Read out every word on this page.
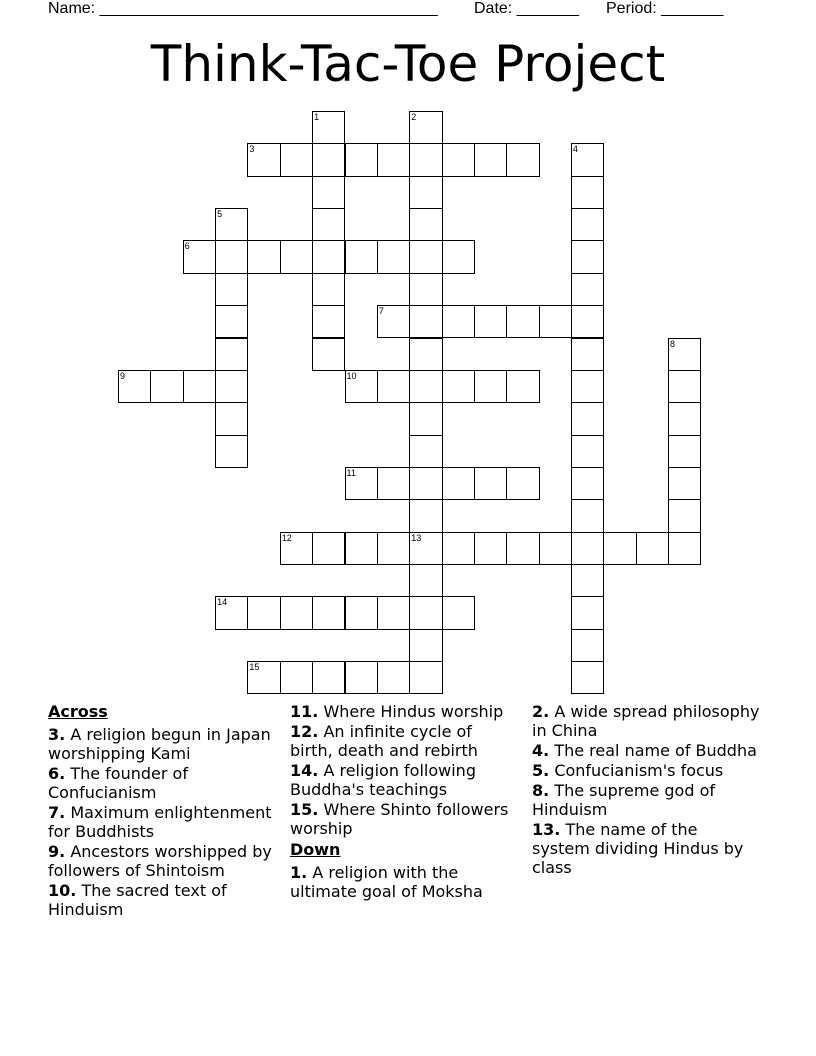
Name: ______________________________________ Date: _______ Period: _______
Think-Tac-Toe Project
1	2
13
3	4
5
6
7
8
9	10
11
12
14
15
Across
3. A religion begun in Japan worshipping Kami
6. The founder of Confucianism
7. Maximum enlightenment for Buddhists
9. Ancestors worshipped by followers of Shintoism
10. The sacred text of Hinduism
11. Where Hindus worship
12. An infinite cycle of birth, death and rebirth
14. A religion following Buddha's teachings
15. Where Shinto followers worship
Down
1. A religion with the ultimate goal of Moksha
2. A wide spread philosophy in China
4. The real name of Buddha
5. Confucianism's focus
8. The supreme god of Hinduism
13. The name of the system dividing Hindus by class
